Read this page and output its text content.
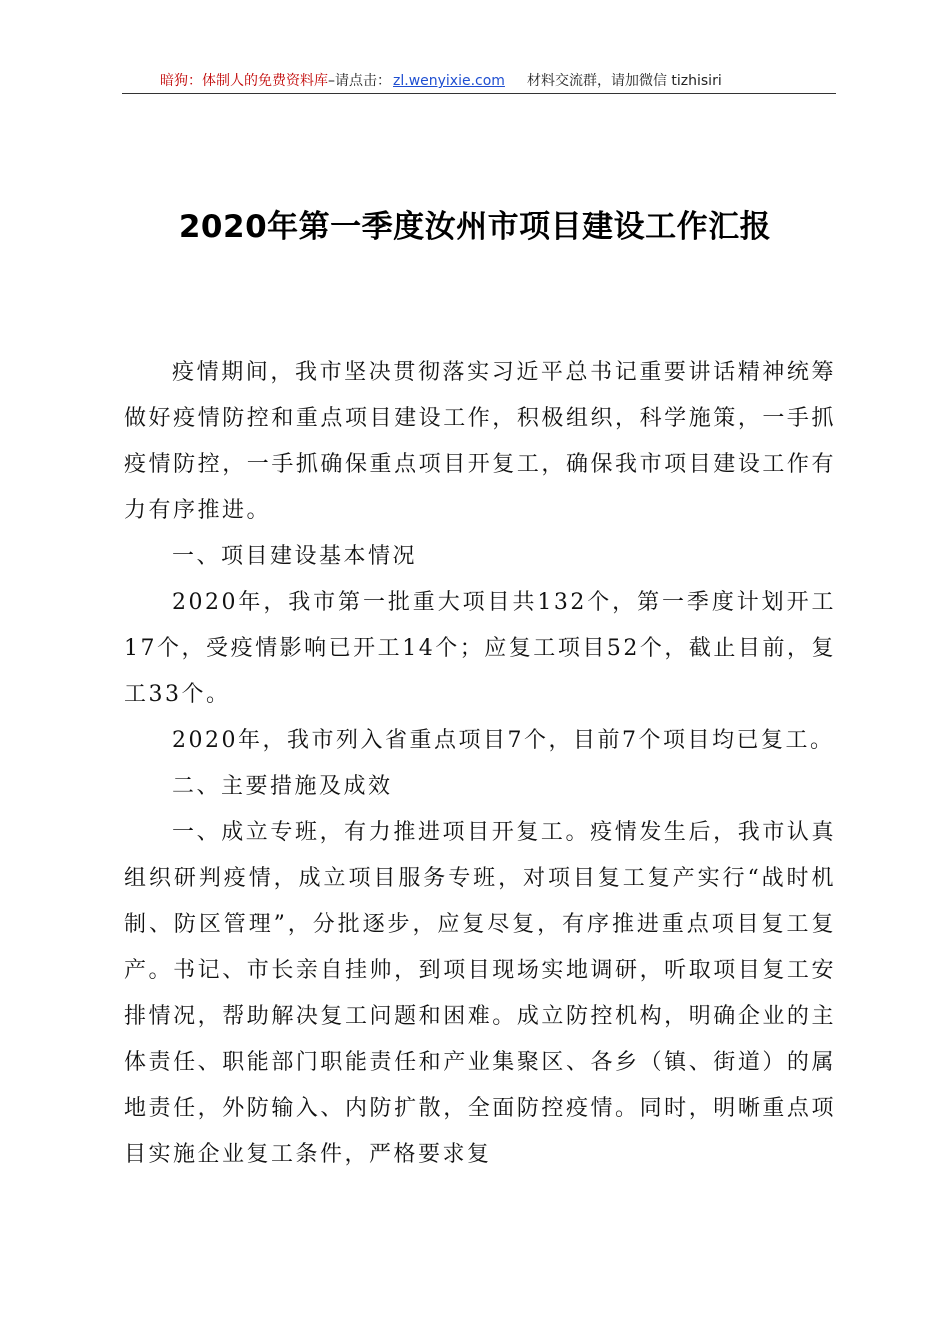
暗狗：体制人的免费资料库–请点击： zl.wenyixie.com 材料交流群，请加微信 tizhisiri
2020年第一季度汝州市项目建设工作汇报

疫情期间，我市坚决贯彻落实习近平总书记重要讲话精神统筹做好疫情防控和重点项目建设工作，积极组织，科学施策，一手抓疫情防控，一手抓确保重点项目开复工，确保我市项目建设工作有力有序推进。

一、项目建设基本情况

2020年，我市第一批重大项目共132个，第一季度计划开工17个，受疫情影响已开工14个；应复工项目52个，截止目前，复工33个。

2020年，我市列入省重点项目7个，目前7个项目均已复工。

二、主要措施及成效

一、成立专班，有力推进项目开复工。疫情发生后，我市认真组织研判疫情，成立项目服务专班，对项目复工复产实行“战时机制、防区管理”，分批逐步，应复尽复，有序推进重点项目复工复产。书记、市长亲自挂帅，到项目现场实地调研，听取项目复工安排情况，帮助解决复工问题和困难。成立防控机构，明确企业的主体责任、职能部门职能责任和产业集聚区、各乡（镇、街道）的属地责任，外防输入、内防扩散，全面防控疫情。同时，明晰重点项目实施企业复工条件，严格要求复
